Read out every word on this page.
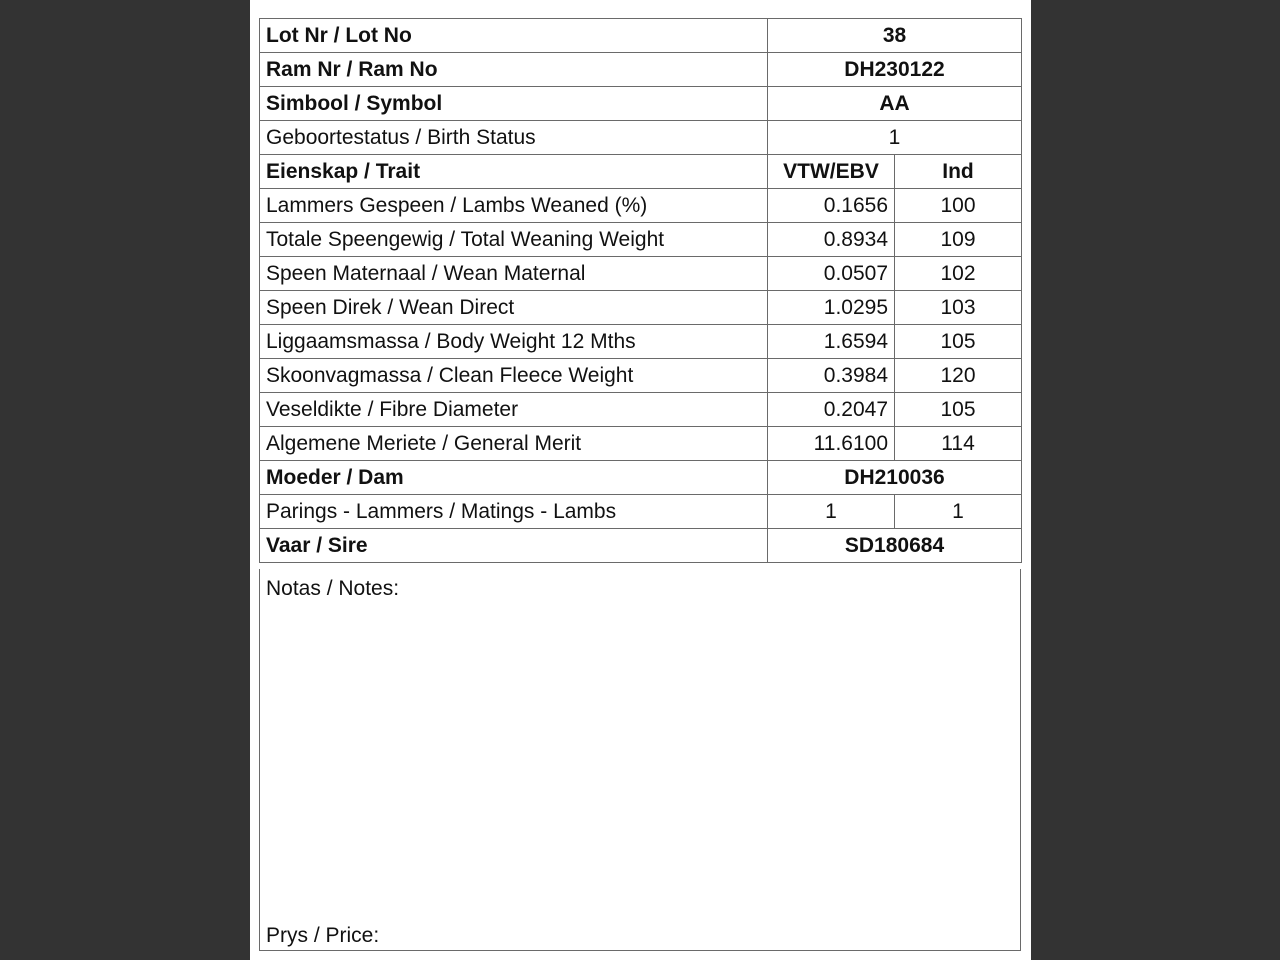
Lot Nr / Lot No	38	
Ram Nr / Ram No	DH230122	
Simbool / Symbol	AA	
Geboortestatus / Birth Status	1	
Eienskap / Trait	VTW/EBV	Ind
Lammers Gespeen / Lambs Weaned (%)	0.1656	100
Totale Speengewig / Total Weaning Weight	0.8934	109
Speen Maternaal / Wean Maternal	0.0507	102
Speen Direk / Wean Direct	1.0295	103
Liggaamsmassa / Body Weight 12 Mths	1.6594	105
Skoonvagmassa / Clean Fleece Weight	0.3984	120
Veseldikte / Fibre Diameter	0.2047	105
Algemene Meriete / General Merit	11.6100	114
Moeder / Dam	DH210036	
Parings - Lammers / Matings - Lambs	1	1
Vaar / Sire	SD180684	
Notas / Notes:
Prys / Price:
